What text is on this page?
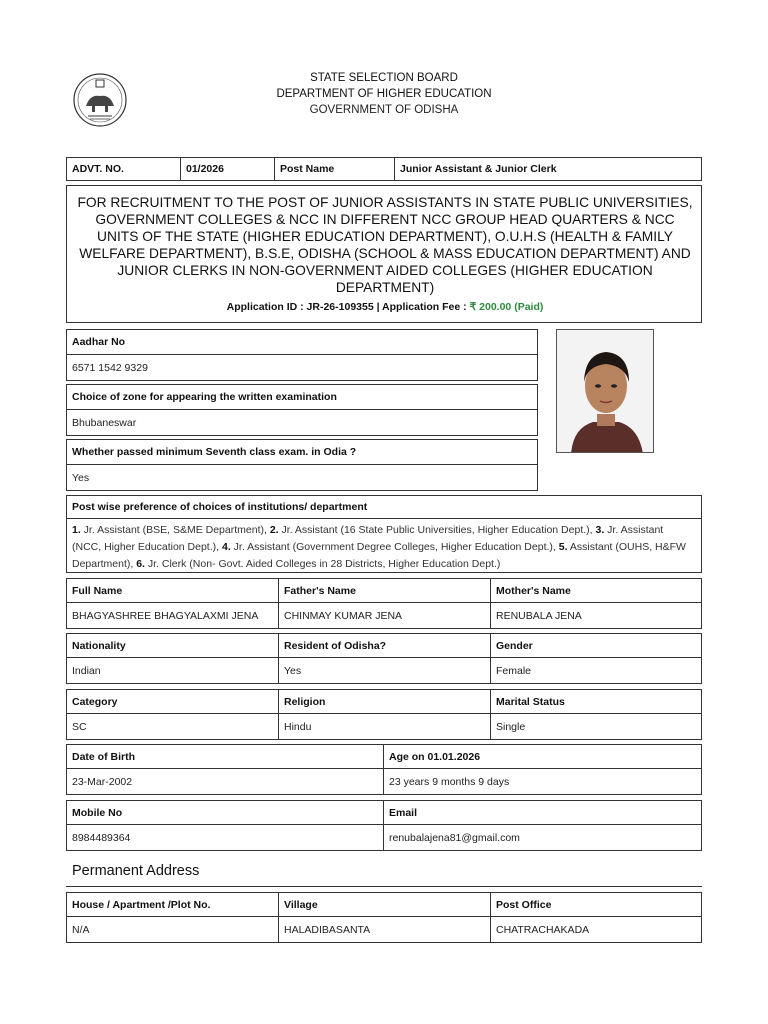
STATE SELECTION BOARD
DEPARTMENT OF HIGHER EDUCATION
GOVERNMENT OF ODISHA
ADVT. NO.	01/2026	Post Name	Junior Assistant & Junior Clerk
FOR RECRUITMENT TO THE POST OF JUNIOR ASSISTANTS IN STATE PUBLIC UNIVERSITIES, GOVERNMENT COLLEGES & NCC IN DIFFERENT NCC GROUP HEAD QUARTERS & NCC UNITS OF THE STATE (HIGHER EDUCATION DEPARTMENT), O.U.H.S (HEALTH & FAMILY WELFARE DEPARTMENT), B.S.E, ODISHA (SCHOOL & MASS EDUCATION DEPARTMENT) AND JUNIOR CLERKS IN NON-GOVERNMENT AIDED COLLEGES (HIGHER EDUCATION DEPARTMENT)
Application ID : JR-26-109355 | Application Fee : ₹ 200.00 (Paid)
Aadhar No
6571 1542 9329
Choice of zone for appearing the written examination
Bhubaneswar
Whether passed minimum Seventh class exam. in Odia ?
Yes
Post wise preference of choices of institutions/ department
1. Jr. Assistant (BSE, S&ME Department), 2. Jr. Assistant (16 State Public Universities, Higher Education Dept.), 3. Jr. Assistant (NCC, Higher Education Dept.), 4. Jr. Assistant (Government Degree Colleges, Higher Education Dept.), 5. Assistant (OUHS, H&FW Department), 6. Jr. Clerk (Non- Govt. Aided Colleges in 28 Districts, Higher Education Dept.)
Full Name	Father's Name	Mother's Name
BHAGYASHREE BHAGYALAXMI JENA	CHINMAY KUMAR JENA	RENUBALA JENA
Nationality	Resident of Odisha?	Gender
Indian	Yes	Female
Category	Religion	Marital Status
SC	Hindu	Single
Date of Birth	Age on 01.01.2026
23-Mar-2002	23 years 9 months 9 days
Mobile No	Email
8984489364	renubalajena81@gmail.com
Permanent Address
House / Apartment /Plot No.	Village	Post Office
N/A	HALADIBASANTA	CHATRACHAKADA
